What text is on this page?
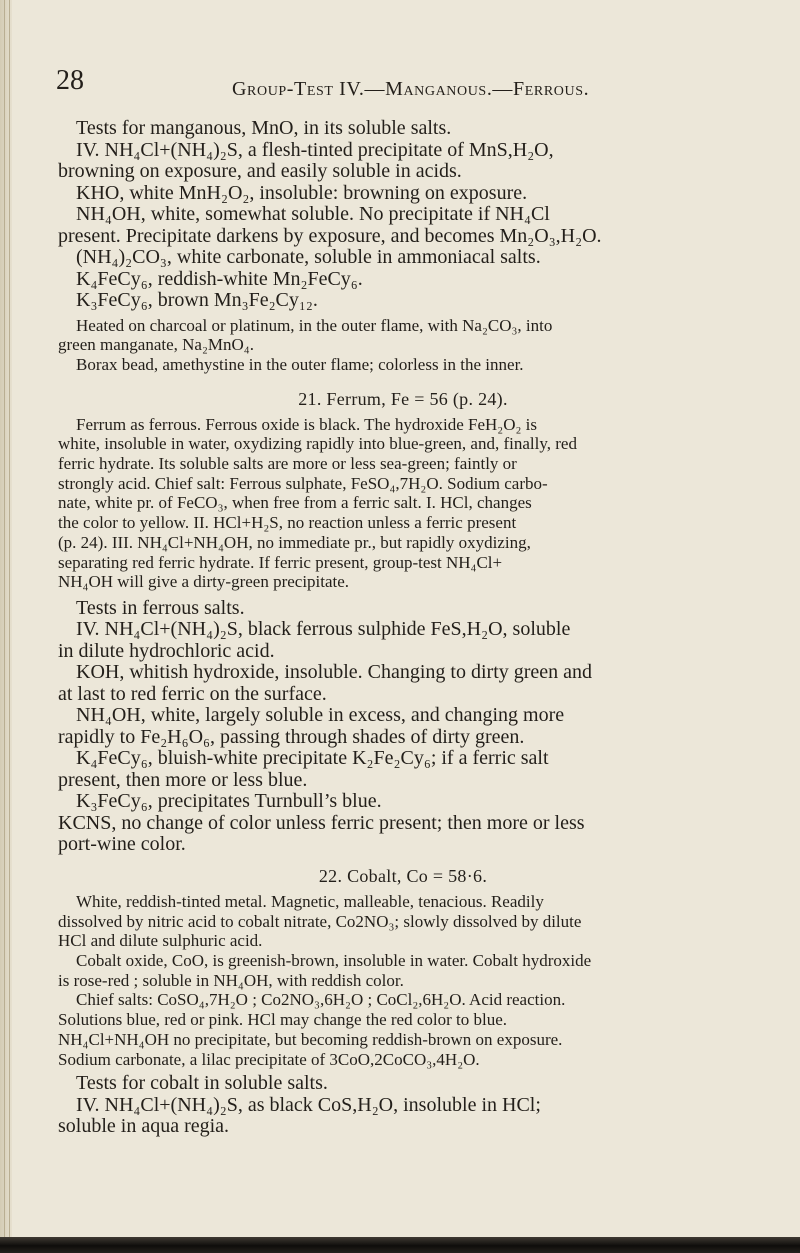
28	Group-Test IV.—Manganous.—Ferrous.
Tests for manganous, MnO, in its soluble salts.
IV. NH₄Cl+(NH₄)₂S, a flesh-tinted precipitate of MnS,H₂O,
browning on exposure, and easily soluble in acids.
KHO, white MnH₂O₂, insoluble: browning on exposure.
NH₄OH, white, somewhat soluble. No precipitate if NH₄Cl
present. Precipitate darkens by exposure, and becomes Mn₂O₃,H₂O.
(NH₄)₂CO₃, white carbonate, soluble in ammoniacal salts.
K₄FeCy₆, reddish-white Mn₂FeCy₆.
K₃FeCy₆, brown Mn₃Fe₂Cy₁₂.
Heated on charcoal or platinum, in the outer flame, with Na₂CO₃, into
green manganate, Na₂MnO₄.
Borax bead, amethystine in the outer flame; colorless in the inner.
21. Ferrum, Fe = 56 (p. 24).
Ferrum as ferrous. Ferrous oxide is black. The hydroxide FeH₂O₂ is
white, insoluble in water, oxydizing rapidly into blue-green, and, finally, red
ferric hydrate. Its soluble salts are more or less sea-green; faintly or
strongly acid. Chief salt: Ferrous sulphate, FeSO₄,7H₂O. Sodium carbo-
nate, white pr. of FeCO₃, when free from a ferric salt. I. HCl, changes
the color to yellow. II. HCl+H₂S, no reaction unless a ferric present
(p. 24). III. NH₄Cl+NH₄OH, no immediate pr., but rapidly oxydizing,
separating red ferric hydrate. If ferric present, group-test NH₄Cl+
NH₄OH will give a dirty-green precipitate.
Tests in ferrous salts.
IV. NH₄Cl+(NH₄)₂S, black ferrous sulphide FeS,H₂O, soluble
in dilute hydrochloric acid.
KOH, whitish hydroxide, insoluble. Changing to dirty green and
at last to red ferric on the surface.
NH₄OH, white, largely soluble in excess, and changing more
rapidly to Fe₂H₆O₆, passing through shades of dirty green.
K₄FeCy₆, bluish-white precipitate K₂Fe₂Cy₆; if a ferric salt
present, then more or less blue.
K₃FeCy₆, precipitates Turnbull’s blue.
KCNS, no change of color unless ferric present; then more or less
port-wine color.
22. Cobalt, Co = 58·6.
White, reddish-tinted metal. Magnetic, malleable, tenacious. Readily
dissolved by nitric acid to cobalt nitrate, Co2NO₃; slowly dissolved by dilute
HCl and dilute sulphuric acid.
Cobalt oxide, CoO, is greenish-brown, insoluble in water. Cobalt hydroxide
is rose-red ; soluble in NH₄OH, with reddish color.
Chief salts: CoSO₄,7H₂O ; Co2NO₃,6H₂O ; CoCl₂,6H₂O. Acid reaction.
Solutions blue, red or pink. HCl may change the red color to blue.
NH₄Cl+NH₄OH no precipitate, but becoming reddish-brown on exposure.
Sodium carbonate, a lilac precipitate of 3CoO,2CoCO₃,4H₂O.
Tests for cobalt in soluble salts.
IV. NH₄Cl+(NH₄)₂S, as black CoS,H₂O, insoluble in HCl;
soluble in aqua regia.
